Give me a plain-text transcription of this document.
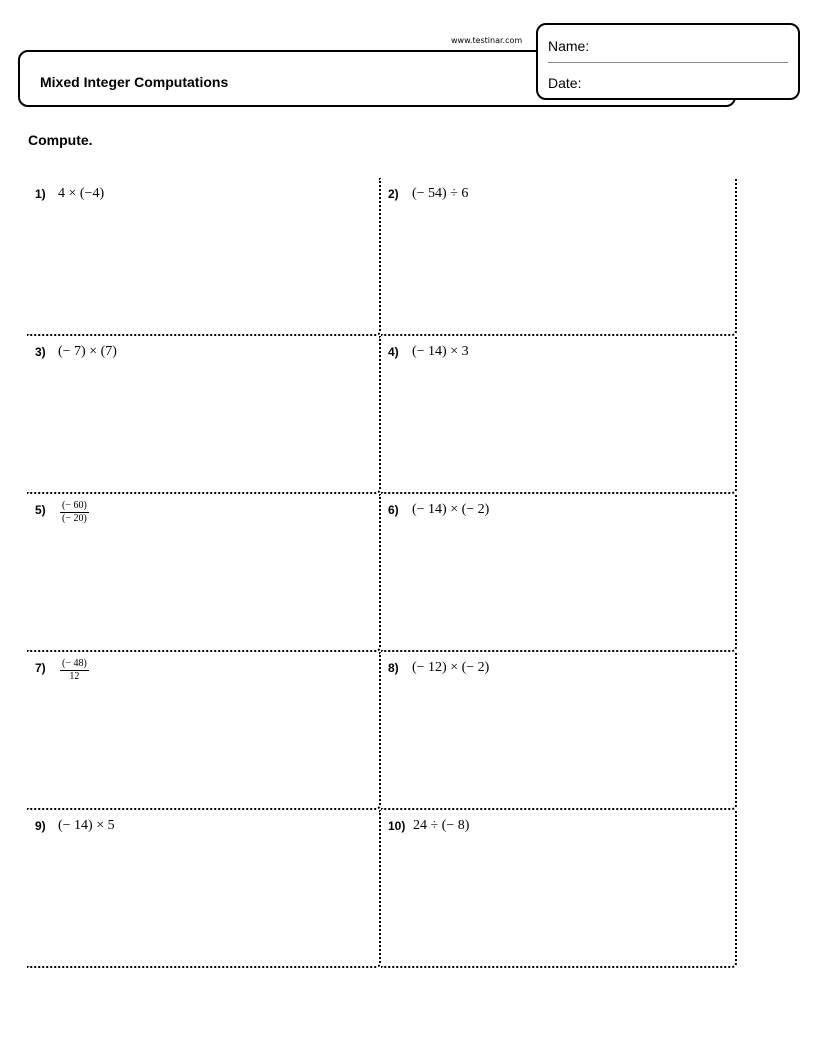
www.testinar.com
Mixed Integer Computations
Name:
Date:
Compute.
1) 4 × (−4)	2) (− 54) ÷ 6
3) (− 7) × (7)	4) (− 14) × 3
$5) \frac{(- 60)}{(- 20)}$	6) (− 14) × (− 2)
$7) \frac{(- 48)}{12}$	8) (− 12) × (− 2)
9) (− 14) × 5	10) 24 ÷ (− 8)
